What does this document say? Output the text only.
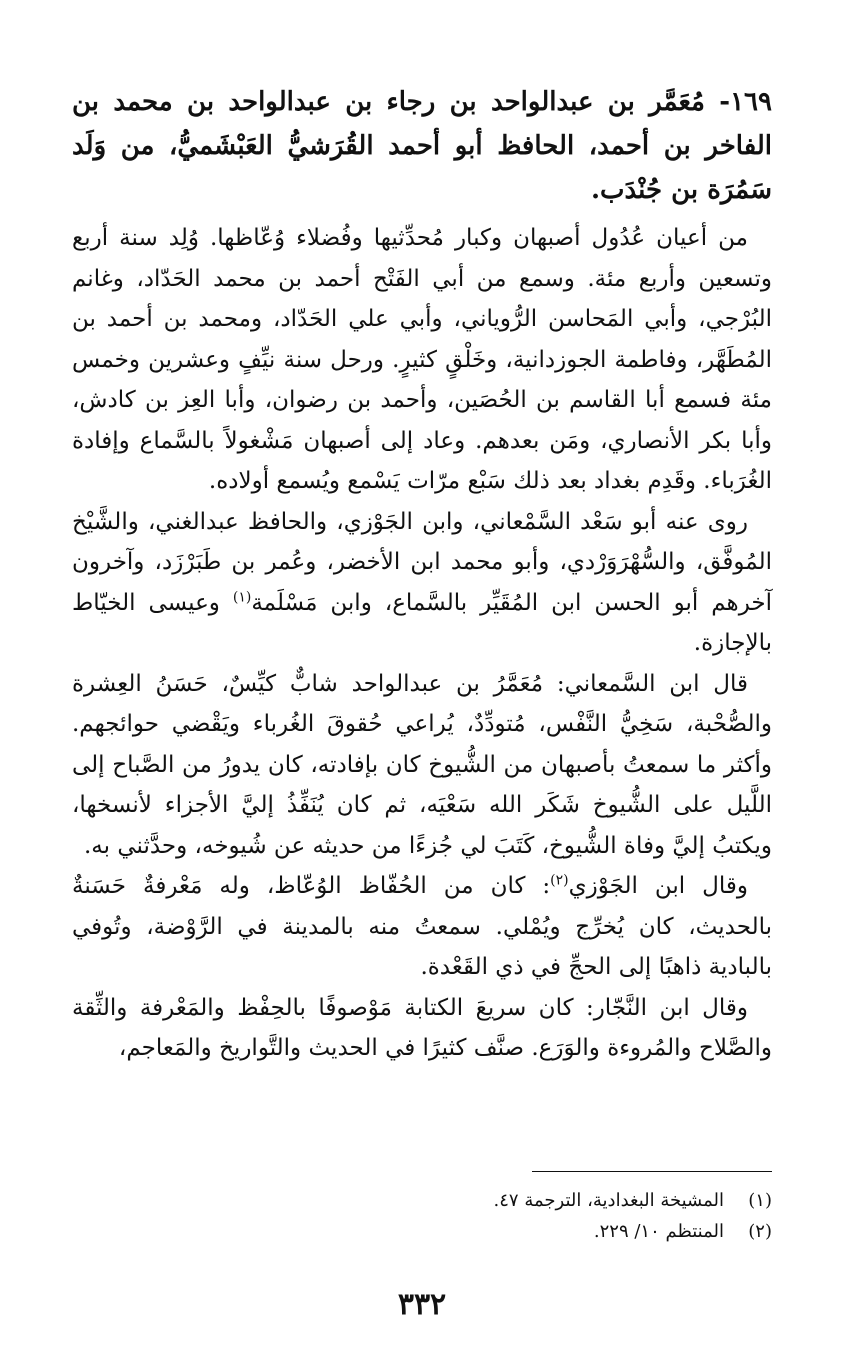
١٦٩- مُعَمَّر بن عبدالواحد بن رجاء بن عبدالواحد بن محمد بن الفاخر بن أحمد، الحافظ أبو أحمد القُرَشيُّ العَبْشَميُّ، من وَلَد سَمُرَة بن جُنْدَب.

من أعيان عُدُول أصبهان وكبار مُحدِّثيها وفُضلاء وُعّاظها. وُلِد سنة أربع وتسعين وأربع مئة. وسمع من أبي الفَتْح أحمد بن محمد الحَدّاد، وغانم البُرْجي، وأبي المَحاسن الرُّوياني، وأبي علي الحَدّاد، ومحمد بن أحمد بن المُطَهَّر، وفاطمة الجوزدانية، وخَلْقٍ كثيرٍ. ورحل سنة نيِّفٍ وعشرين وخمس مئة فسمع أبا القاسم بن الحُصَين، وأحمد بن رضوان، وأبا العِز بن كادش، وأبا بكر الأنصاري، ومَن بعدهم. وعاد إلى أصبهان مَشْغولاً بالسَّماع وإفادة الغُرَباء. وقَدِم بغداد بعد ذلك سَبْع مرّات يَسْمع ويُسمع أولاده.

روى عنه أبو سَعْد السَّمْعاني، وابن الجَوْزي، والحافظ عبدالغني، والشَّيْخ المُوفَّق، والسُّهْرَوَرْدي، وأبو محمد ابن الأخضر، وعُمر بن طَبَرْزَد، وآخرون آخرهم أبو الحسن ابن المُقَيِّر بالسَّماع، وابن مَسْلَمة$^{(١)}$ وعيسى الخيّاط بالإجازة.

قال ابن السَّمعاني: مُعَمَّرُ بن عبدالواحد شابٌّ كيِّسٌ، حَسَنُ العِشرة والصُّحْبة، سَخِيُّ النَّفْس، مُتودِّدٌ، يُراعي حُقوقَ الغُرباء ويَقْضي حوائجهم. وأكثر ما سمعتُ بأصبهان من الشُّيوخ كان بإفادته، كان يدورُ من الصَّباح إلى اللَّيل على الشُّيوخ شَكَر الله سَعْيَه، ثم كان يُنَفِّذُ إليَّ الأجزاء لأنسخها، ويكتبُ إليَّ وفاة الشُّيوخ، كَتَبَ لي جُزءًا من حديثه عن شُيوخه، وحدَّثني به.

وقال ابن الجَوْزي$^{(٢)}$: كان من الحُفّاظ الوُعّاظ، وله مَعْرفةٌ حَسَنةٌ بالحديث، كان يُخرِّج ويُمْلي. سمعتُ منه بالمدينة في الرَّوْضة، وتُوفي بالبادية ذاهبًا إلى الحجِّ في ذي القَعْدة.

وقال ابن النَّجّار: كان سريعَ الكتابة مَوْصوفًا بالحِفْظ والمَعْرفة والثِّقة والصَّلاح والمُروءة والوَرَع. صنَّف كثيرًا في الحديث والتَّواريخ والمَعاجم،

(١)
المشيخة البغدادية، الترجمة ٤٧.
(٢)
المنتظم ١٠/ ٢٢٩.
٣٣٢
